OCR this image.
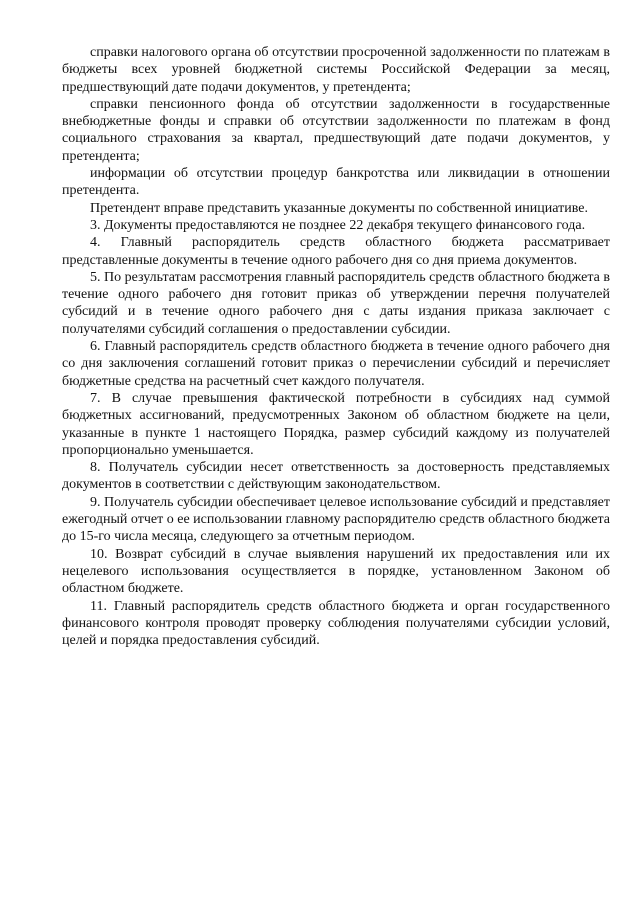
справки налогового органа об отсутствии просроченной задолженности по платежам в бюджеты всех уровней бюджетной системы Российской Федерации за месяц, предшествующий дате подачи документов, у претендента;

справки пенсионного фонда об отсутствии задолженности в государственные внебюджетные фонды и справки об отсутствии задолженности по платежам в фонд социального страхования за квартал, предшествующий дате подачи документов, у претендента;

информации об отсутствии процедур банкротства или ликвидации в отношении претендента.

Претендент вправе представить указанные документы по собственной инициативе.

3. Документы предоставляются не позднее 22 декабря текущего финансового года.

4. Главный распорядитель средств областного бюджета рассматривает представленные документы в течение одного рабочего дня со дня приема документов.

5. По результатам рассмотрения главный распорядитель средств областного бюджета в течение одного рабочего дня готовит приказ об утверждении перечня получателей субсидий и в течение одного рабочего дня с даты издания приказа заключает с получателями субсидий соглашения о предоставлении субсидии.

6. Главный распорядитель средств областного бюджета в течение одного рабочего дня со дня заключения соглашений готовит приказ о перечислении субсидий и перечисляет бюджетные средства на расчетный счет каждого получателя.

7. В случае превышения фактической потребности в субсидиях над суммой бюджетных ассигнований, предусмотренных Законом об областном бюджете на цели, указанные в пункте 1 настоящего Порядка, размер субсидий каждому из получателей пропорционально уменьшается.

8. Получатель субсидии несет ответственность за достоверность представляемых документов в соответствии с действующим законодательством.

9. Получатель субсидии обеспечивает целевое использование субсидий и представляет ежегодный отчет о ее использовании главному распорядителю средств областного бюджета до 15-го числа месяца, следующего за отчетным периодом.

10. Возврат субсидий в случае выявления нарушений их предоставления или их нецелевого использования осуществляется в порядке, установленном Законом об областном бюджете.

11. Главный распорядитель средств областного бюджета и орган государственного финансового контроля проводят проверку соблюдения получателями субсидии условий, целей и порядка предоставления субсидий.
